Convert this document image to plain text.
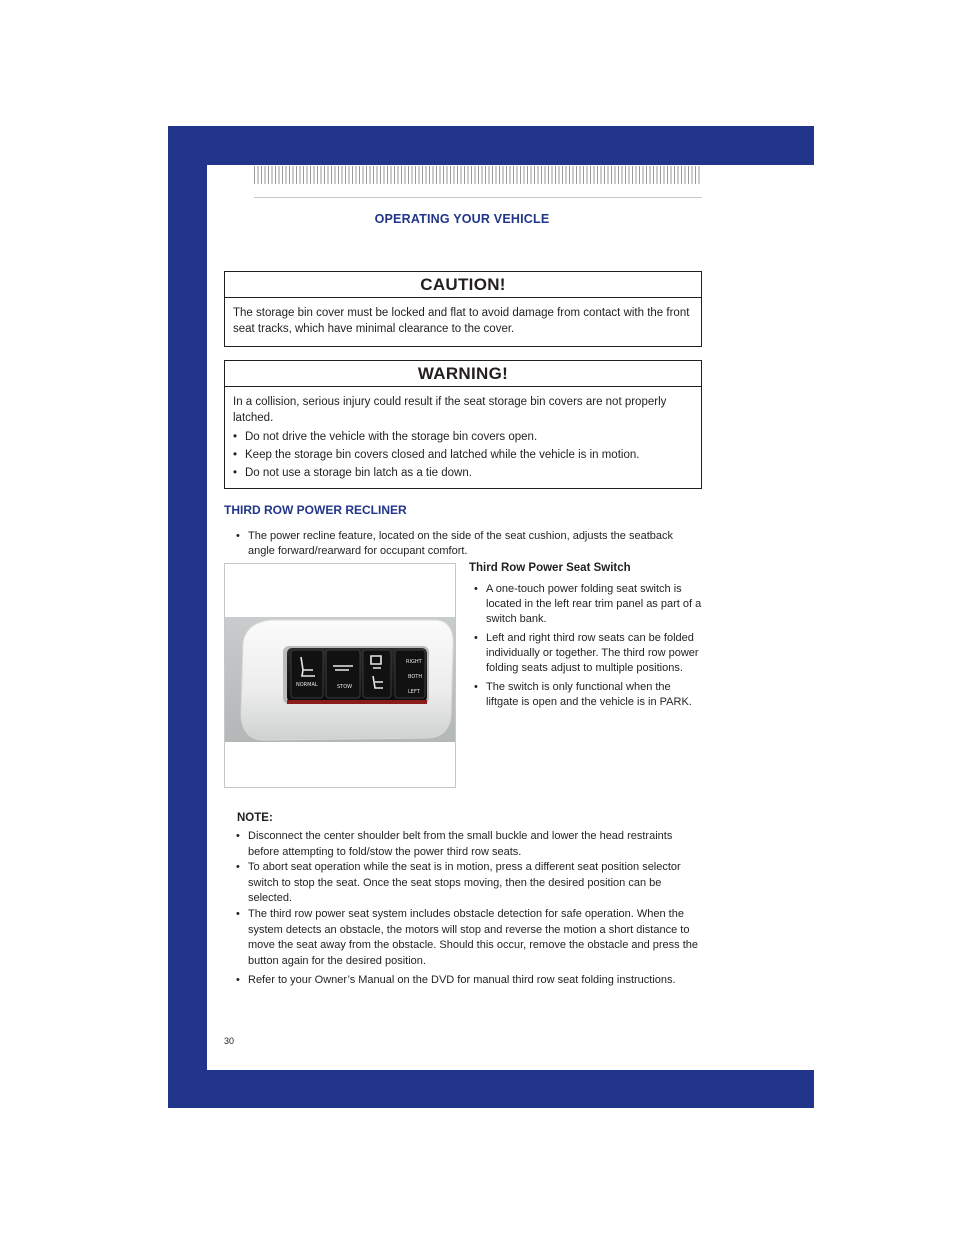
OPERATING YOUR VEHICLE
CAUTION!
The storage bin cover must be locked and flat to avoid damage from contact with the front seat tracks, which have minimal clearance to the cover.
WARNING!
In a collision, serious injury could result if the seat storage bin covers are not properly latched.
• Do not drive the vehicle with the storage bin covers open.
• Keep the storage bin covers closed and latched while the vehicle is in motion.
• Do not use a storage bin latch as a tie down.
THIRD ROW POWER RECLINER
• The power recline feature, located on the side of the seat cushion, adjusts the seatback angle forward/rearward for occupant comfort.
NORMAL	STOW
RIGHT
BOTH
LEFT
Third Row Power Seat Switch
• A one-touch power folding seat switch is located in the left rear trim panel as part of a switch bank.
• Left and right third row seats can be folded individually or together. The third row power folding seats adjust to multiple positions.
• The switch is only functional when the liftgate is open and the vehicle is in PARK.
NOTE:
• Disconnect the center shoulder belt from the small buckle and lower the head restraints before attempting to fold/stow the power third row seats.
• To abort seat operation while the seat is in motion, press a different seat position selector switch to stop the seat. Once the seat stops moving, then the desired position can be selected.
• The third row power seat system includes obstacle detection for safe operation. When the system detects an obstacle, the motors will stop and reverse the motion a short distance to move the seat away from the obstacle. Should this occur, remove the obstacle and press the button again for the desired position.
• Refer to your Owner’s Manual on the DVD for manual third row seat folding instructions.
30
